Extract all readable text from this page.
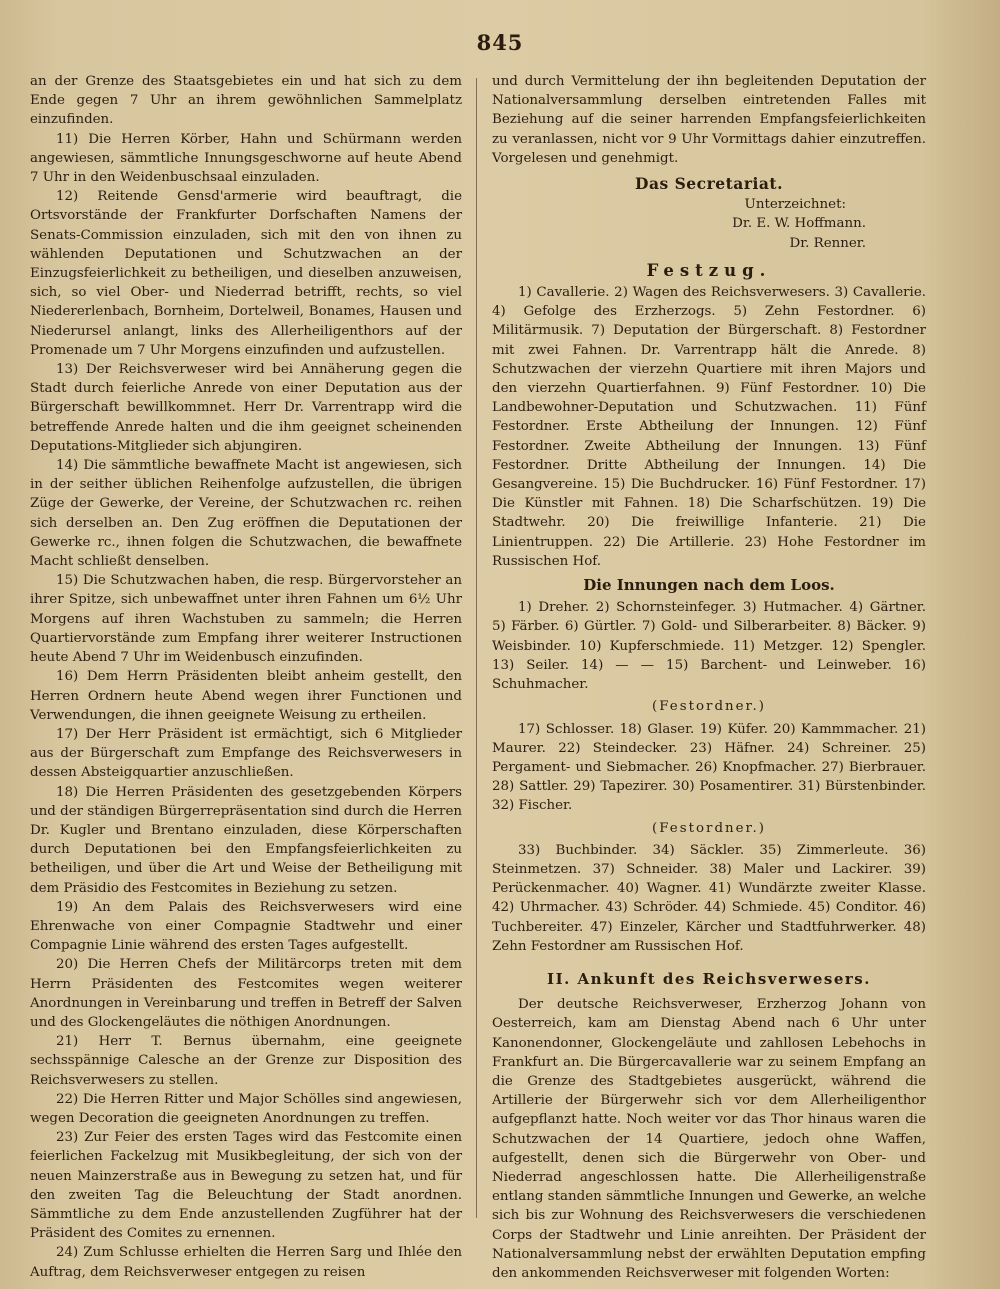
845

an der Grenze des Staatsgebietes ein und hat sich zu dem Ende gegen 7 Uhr an ihrem gewöhnlichen Sammelplatz einzufinden.

11) Die Herren Körber, Hahn und Schürmann werden angewiesen, sämmtliche Innungsgeschworne auf heute Abend 7 Uhr in den Weidenbuschsaal einzuladen.

12) Reitende Gensd'armerie wird beauftragt, die Ortsvorstände der Frankfurter Dorfschaften Namens der Senats-Commission einzuladen, sich mit den von ihnen zu wählenden Deputationen und Schutzwachen an der Einzugsfeierlichkeit zu betheiligen, und dieselben anzuweisen, sich, so viel Ober- und Niederrad betrifft, rechts, so viel Niedererlenbach, Bornheim, Dortelweil, Bonames, Hausen und Niederursel anlangt, links des Allerheiligenthors auf der Promenade um 7 Uhr Morgens einzufinden und aufzustellen.

13) Der Reichsverweser wird bei Annäherung gegen die Stadt durch feierliche Anrede von einer Deputation aus der Bürgerschaft bewillkommnet. Herr Dr. Varrentrapp wird die betreffende Anrede halten und die ihm geeignet scheinenden Deputations-Mitglieder sich abjungiren.

14) Die sämmtliche bewaffnete Macht ist angewiesen, sich in der seither üblichen Reihenfolge aufzustellen, die übrigen Züge der Gewerke, der Vereine, der Schutzwachen rc. reihen sich derselben an. Den Zug eröffnen die Deputationen der Gewerke rc., ihnen folgen die Schutzwachen, die bewaffnete Macht schließt denselben.

15) Die Schutzwachen haben, die resp. Bürgervorsteher an ihrer Spitze, sich unbewaffnet unter ihren Fahnen um 6½ Uhr Morgens auf ihren Wachstuben zu sammeln; die Herren Quartiervorstände zum Empfang ihrer weiterer Instructionen heute Abend 7 Uhr im Weidenbusch einzufinden.

16) Dem Herrn Präsidenten bleibt anheim gestellt, den Herren Ordnern heute Abend wegen ihrer Functionen und Verwendungen, die ihnen geeignete Weisung zu ertheilen.

17) Der Herr Präsident ist ermächtigt, sich 6 Mitglieder aus der Bürgerschaft zum Empfange des Reichsverwesers in dessen Absteigquartier anzuschließen.

18) Die Herren Präsidenten des gesetzgebenden Körpers und der ständigen Bürgerrepräsentation sind durch die Herren Dr. Kugler und Brentano einzuladen, diese Körperschaften durch Deputationen bei den Empfangsfeierlichkeiten zu betheiligen, und über die Art und Weise der Betheiligung mit dem Präsidio des Festcomites in Beziehung zu setzen.

19) An dem Palais des Reichsverwesers wird eine Ehrenwache von einer Compagnie Stadtwehr und einer Compagnie Linie während des ersten Tages aufgestellt.

20) Die Herren Chefs der Militärcorps treten mit dem Herrn Präsidenten des Festcomites wegen weiterer Anordnungen in Vereinbarung und treffen in Betreff der Salven und des Glockengeläutes die nöthigen Anordnungen.

21) Herr T. Bernus übernahm, eine geeignete sechsspännige Calesche an der Grenze zur Disposition des Reichsverwesers zu stellen.

22) Die Herren Ritter und Major Schölles sind angewiesen, wegen Decoration die geeigneten Anordnungen zu treffen.

23) Zur Feier des ersten Tages wird das Festcomite einen feierlichen Fackelzug mit Musikbegleitung, der sich von der neuen Mainzerstraße aus in Bewegung zu setzen hat, und für den zweiten Tag die Beleuchtung der Stadt anordnen. Sämmtliche zu dem Ende anzustellenden Zugführer hat der Präsident des Comites zu ernennen.

24) Zum Schlusse erhielten die Herren Sarg und Ihlée den Auftrag, dem Reichsverweser entgegen zu reisen

und durch Vermittelung der ihn begleitenden Deputation der Nationalversammlung derselben eintretenden Falles mit Beziehung auf die seiner harrenden Empfangsfeierlichkeiten zu veranlassen, nicht vor 9 Uhr Vormittags dahier einzutreffen. Vorgelesen und genehmigt.

Das Secretariat.
Unterzeichnet:
Dr. E. W. Hoffmann.
Dr. Renner.
Festzug.

1) Cavallerie. 2) Wagen des Reichsverwesers. 3) Cavallerie. 4) Gefolge des Erzherzogs. 5) Zehn Festordner. 6) Militärmusik. 7) Deputation der Bürgerschaft. 8) Festordner mit zwei Fahnen. Dr. Varrentrapp hält die Anrede. 8) Schutzwachen der vierzehn Quartiere mit ihren Majors und den vierzehn Quartierfahnen. 9) Fünf Festordner. 10) Die Landbewohner-Deputation und Schutzwachen. 11) Fünf Festordner. Erste Abtheilung der Innungen. 12) Fünf Festordner. Zweite Abtheilung der Innungen. 13) Fünf Festordner. Dritte Abtheilung der Innungen. 14) Die Gesangvereine. 15) Die Buchdrucker. 16) Fünf Festordner. 17) Die Künstler mit Fahnen. 18) Die Scharfschützen. 19) Die Stadtwehr. 20) Die freiwillige Infanterie. 21) Die Linientruppen. 22) Die Artillerie. 23) Hohe Festordner im Russischen Hof.

Die Innungen nach dem Loos.

1) Dreher. 2) Schornsteinfeger. 3) Hutmacher. 4) Gärtner. 5) Färber. 6) Gürtler. 7) Gold- und Silberarbeiter. 8) Bäcker. 9) Weisbinder. 10) Kupferschmiede. 11) Metzger. 12) Spengler. 13) Seiler. 14) — — 15) Barchent- und Leinweber. 16) Schuhmacher.

(Festordner.)

17) Schlosser. 18) Glaser. 19) Küfer. 20) Kammmacher. 21) Maurer. 22) Steindecker. 23) Häfner. 24) Schreiner. 25) Pergament- und Siebmacher. 26) Knopfmacher. 27) Bierbrauer. 28) Sattler. 29) Tapezirer. 30) Posamentirer. 31) Bürstenbinder. 32) Fischer.

(Festordner.)

33) Buchbinder. 34) Säckler. 35) Zimmerleute. 36) Steinmetzen. 37) Schneider. 38) Maler und Lackirer. 39) Perückenmacher. 40) Wagner. 41) Wundärzte zweiter Klasse. 42) Uhrmacher. 43) Schröder. 44) Schmiede. 45) Conditor. 46) Tuchbereiter. 47) Einzeler, Kärcher und Stadtfuhrwerker. 48) Zehn Festordner am Russischen Hof.

II. Ankunft des Reichsverwesers.

Der deutsche Reichsverweser, Erzherzog Johann von Oesterreich, kam am Dienstag Abend nach 6 Uhr unter Kanonendonner, Glockengeläute und zahllosen Lebehochs in Frankfurt an. Die Bürgercavallerie war zu seinem Empfang an die Grenze des Stadtgebietes ausgerückt, während die Artillerie der Bürgerwehr sich vor dem Allerheiligenthor aufgepflanzt hatte. Noch weiter vor das Thor hinaus waren die Schutzwachen der 14 Quartiere, jedoch ohne Waffen, aufgestellt, denen sich die Bürgerwehr von Ober- und Niederrad angeschlossen hatte. Die Allerheiligenstraße entlang standen sämmtliche Innungen und Gewerke, an welche sich bis zur Wohnung des Reichsverwesers die verschiedenen Corps der Stadtwehr und Linie anreihten. Der Präsident der Nationalversammlung nebst der erwählten Deputation empfing den ankommenden Reichsverweser mit folgenden Worten:
